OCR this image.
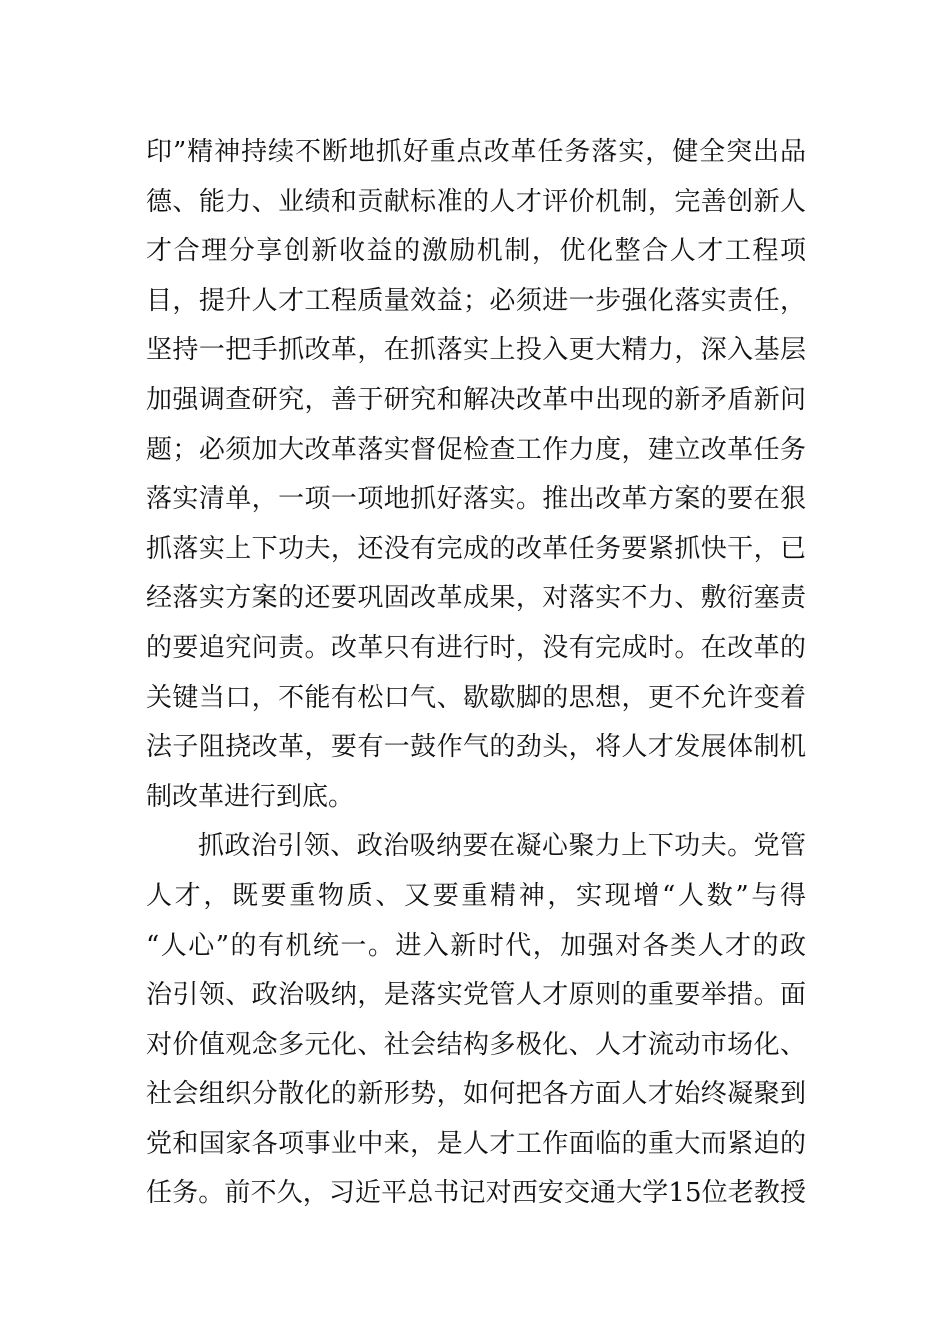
印”精神持续不断地抓好重点改革任务落实，健全突出品
德、能力、业绩和贡献标准的人才评价机制，完善创新人
才合理分享创新收益的激励机制，优化整合人才工程项
目，提升人才工程质量效益；必须进一步强化落实责任，
坚持一把手抓改革，在抓落实上投入更大精力，深入基层
加强调查研究，善于研究和解决改革中出现的新矛盾新问
题；必须加大改革落实督促检查工作力度，建立改革任务
落实清单，一项一项地抓好落实。推出改革方案的要在狠
抓落实上下功夫，还没有完成的改革任务要紧抓快干，已
经落实方案的还要巩固改革成果，对落实不力、敷衍塞责
的要追究问责。改革只有进行时，没有完成时。在改革的
关键当口，不能有松口气、歇歇脚的思想，更不允许变着
法子阻挠改革，要有一鼓作气的劲头，将人才发展体制机
制改革进行到底。
抓政治引领、政治吸纳要在凝心聚力上下功夫。党管
人才，既要重物质、又要重精神，实现增“人数”与得
“人心”的有机统一。进入新时代，加强对各类人才的政
治引领、政治吸纳，是落实党管人才原则的重要举措。面
对价值观念多元化、社会结构多极化、人才流动市场化、
社会组织分散化的新形势，如何把各方面人才始终凝聚到
党和国家各项事业中来，是人才工作面临的重大而紧迫的
任务。前不久，习近平总书记对西安交通大学15位老教授
